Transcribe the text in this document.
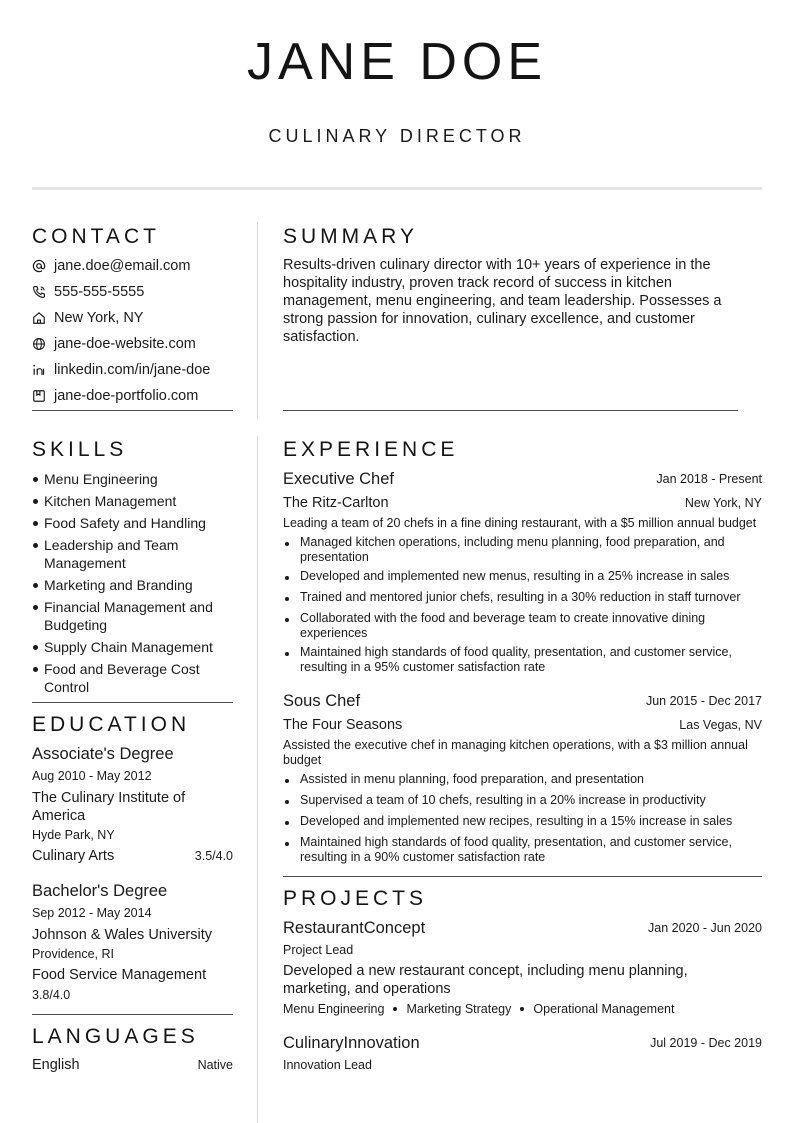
JANE DOE
CULINARY DIRECTOR
CONTACT
jane.doe@email.com
555-555-5555
New York, NY
jane-doe-website.com
linkedin.com/in/jane-doe
jane-doe-portfolio.com
SKILLS
Menu Engineering
Kitchen Management
Food Safety and Handling
Leadership and Team Management
Marketing and Branding
Financial Management and Budgeting
Supply Chain Management
Food and Beverage Cost Control
EDUCATION
Associate's Degree
Aug 2010 - May 2012
The Culinary Institute of America
Hyde Park, NY
Culinary Arts	3.5/4.0
Bachelor's Degree
Sep 2012 - May 2014
Johnson & Wales University
Providence, RI
Food Service Management
3.8/4.0
LANGUAGES
English	Native
SUMMARY
Results-driven culinary director with 10+ years of experience in the hospitality industry, proven track record of success in kitchen management, menu engineering, and team leadership. Possesses a strong passion for innovation, culinary excellence, and customer satisfaction.
EXPERIENCE
Executive Chef	Jan 2018 - Present
The Ritz-Carlton	New York, NY
Leading a team of 20 chefs in a fine dining restaurant, with a $5 million annual budget
Managed kitchen operations, including menu planning, food preparation, and presentation
Developed and implemented new menus, resulting in a 25% increase in sales
Trained and mentored junior chefs, resulting in a 30% reduction in staff turnover
Collaborated with the food and beverage team to create innovative dining experiences
Maintained high standards of food quality, presentation, and customer service, resulting in a 95% customer satisfaction rate
Sous Chef	Jun 2015 - Dec 2017
The Four Seasons	Las Vegas, NV
Assisted the executive chef in managing kitchen operations, with a $3 million annual budget
Assisted in menu planning, food preparation, and presentation
Supervised a team of 10 chefs, resulting in a 20% increase in productivity
Developed and implemented new recipes, resulting in a 15% increase in sales
Maintained high standards of food quality, presentation, and customer service, resulting in a 90% customer satisfaction rate
PROJECTS
RestaurantConcept	Jan 2020 - Jun 2020
Project Lead
Developed a new restaurant concept, including menu planning, marketing, and operations
Menu Engineering Marketing Strategy Operational Management
CulinaryInnovation	Jul 2019 - Dec 2019
Innovation Lead
